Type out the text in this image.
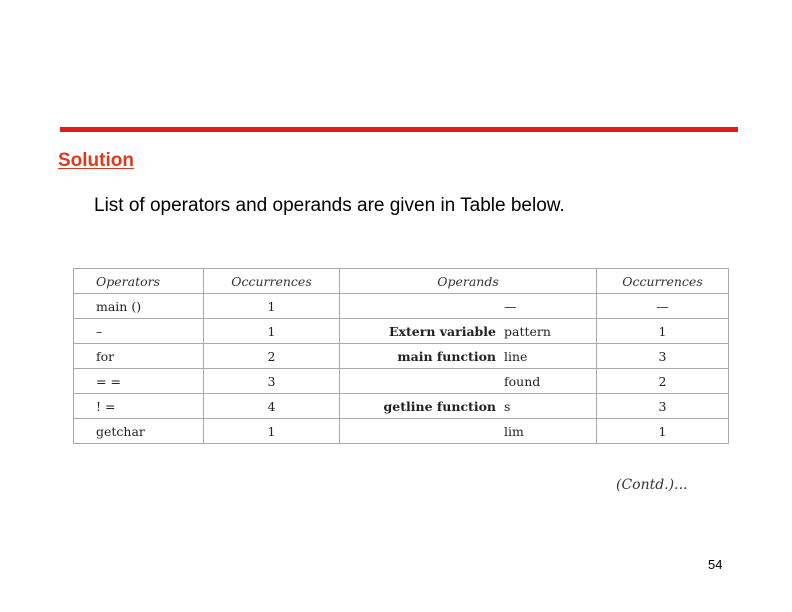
Solution
List of operators and operands are given in Table below.
Operators	Occurrences	Operands	Occurrences
main ()	1	—	—
–	1	Extern variable pattern	1
for	2	main function line	3
= =	3	found	2
! =	4	getline function s	3
getchar	1	lim	1
(Contd.)...
54
